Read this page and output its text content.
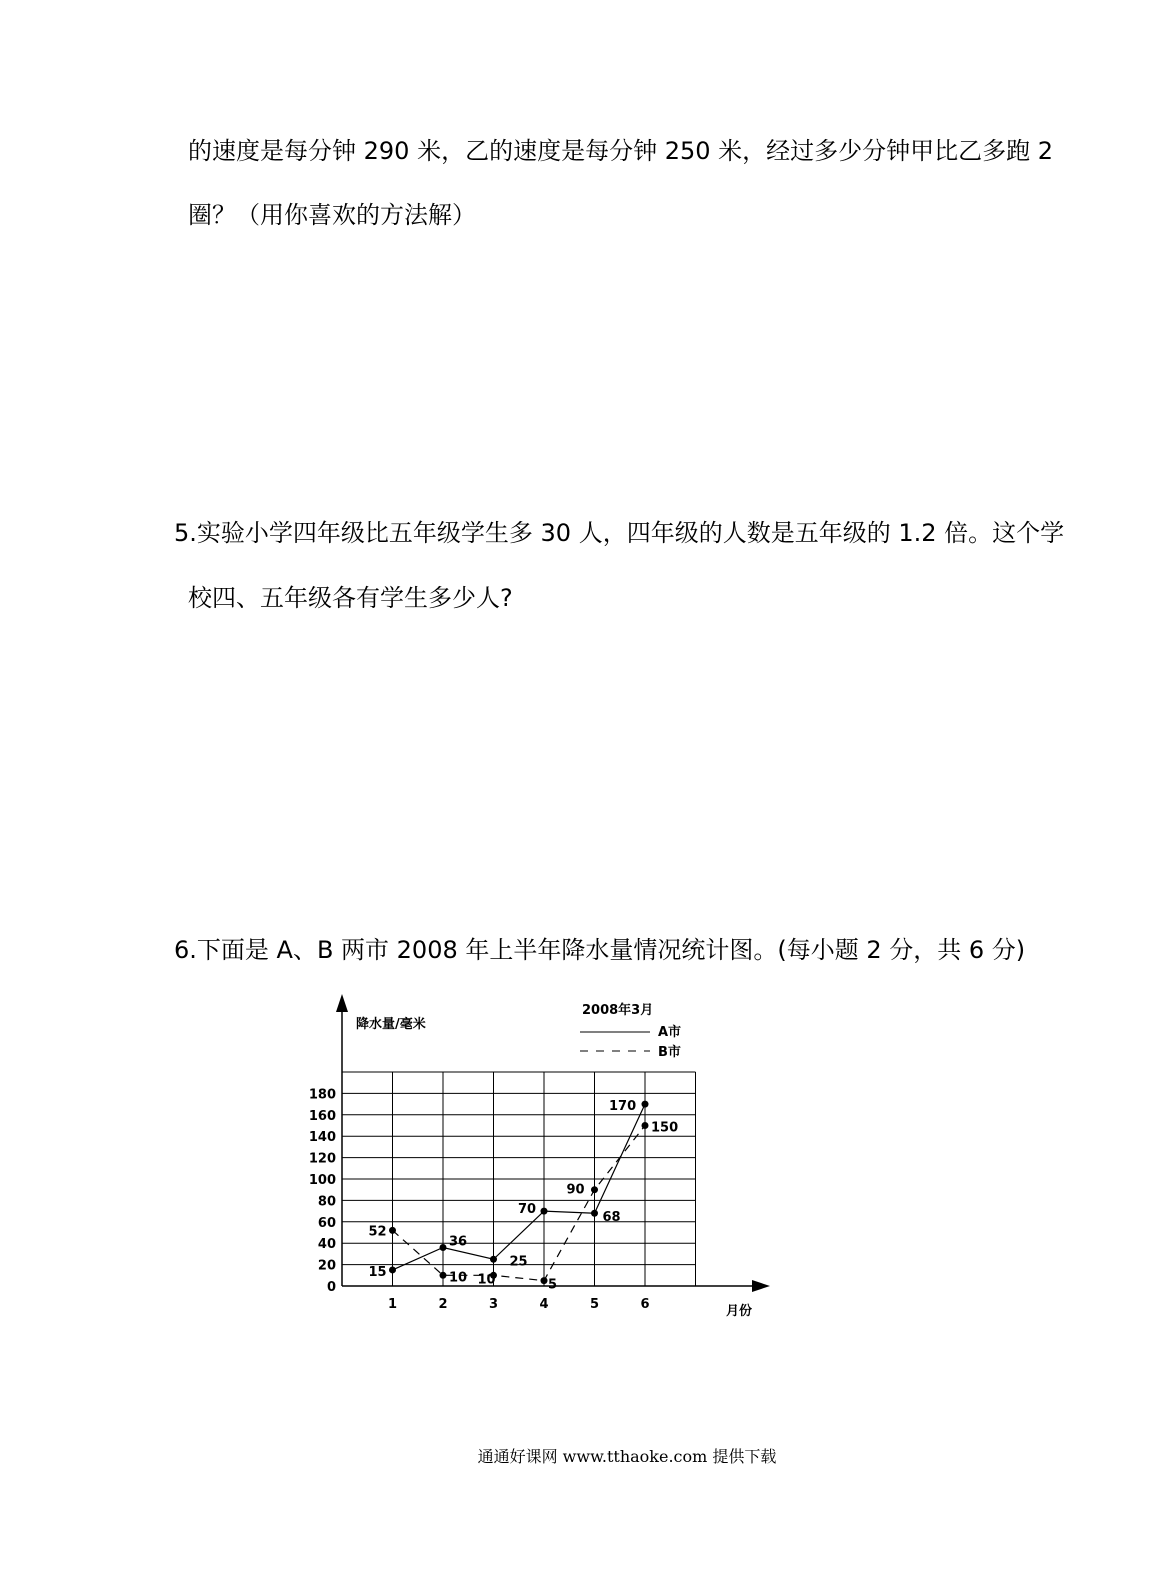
的速度是每分钟 290 米，乙的速度是每分钟 250 米，经过多少分钟甲比乙多跑 2
圈？（用你喜欢的方法解）
5.实验小学四年级比五年级学生多 30 人，四年级的人数是五年级的 1.2 倍。这个学
校四、五年级各有学生多少人?
6.下面是 A、B 两市 2008 年上半年降水量情况统计图。(每小题 2 分，共 6 分)
降水量/毫米
2008年3月
月份
A市
B市
0
20
40
60
80
100
120
140
160
180
1	2	3	4	5	6
52
36
15	10 10
25
70
5
90
68
170
150
通通好课网 www.tthaoke.com 提供下载
